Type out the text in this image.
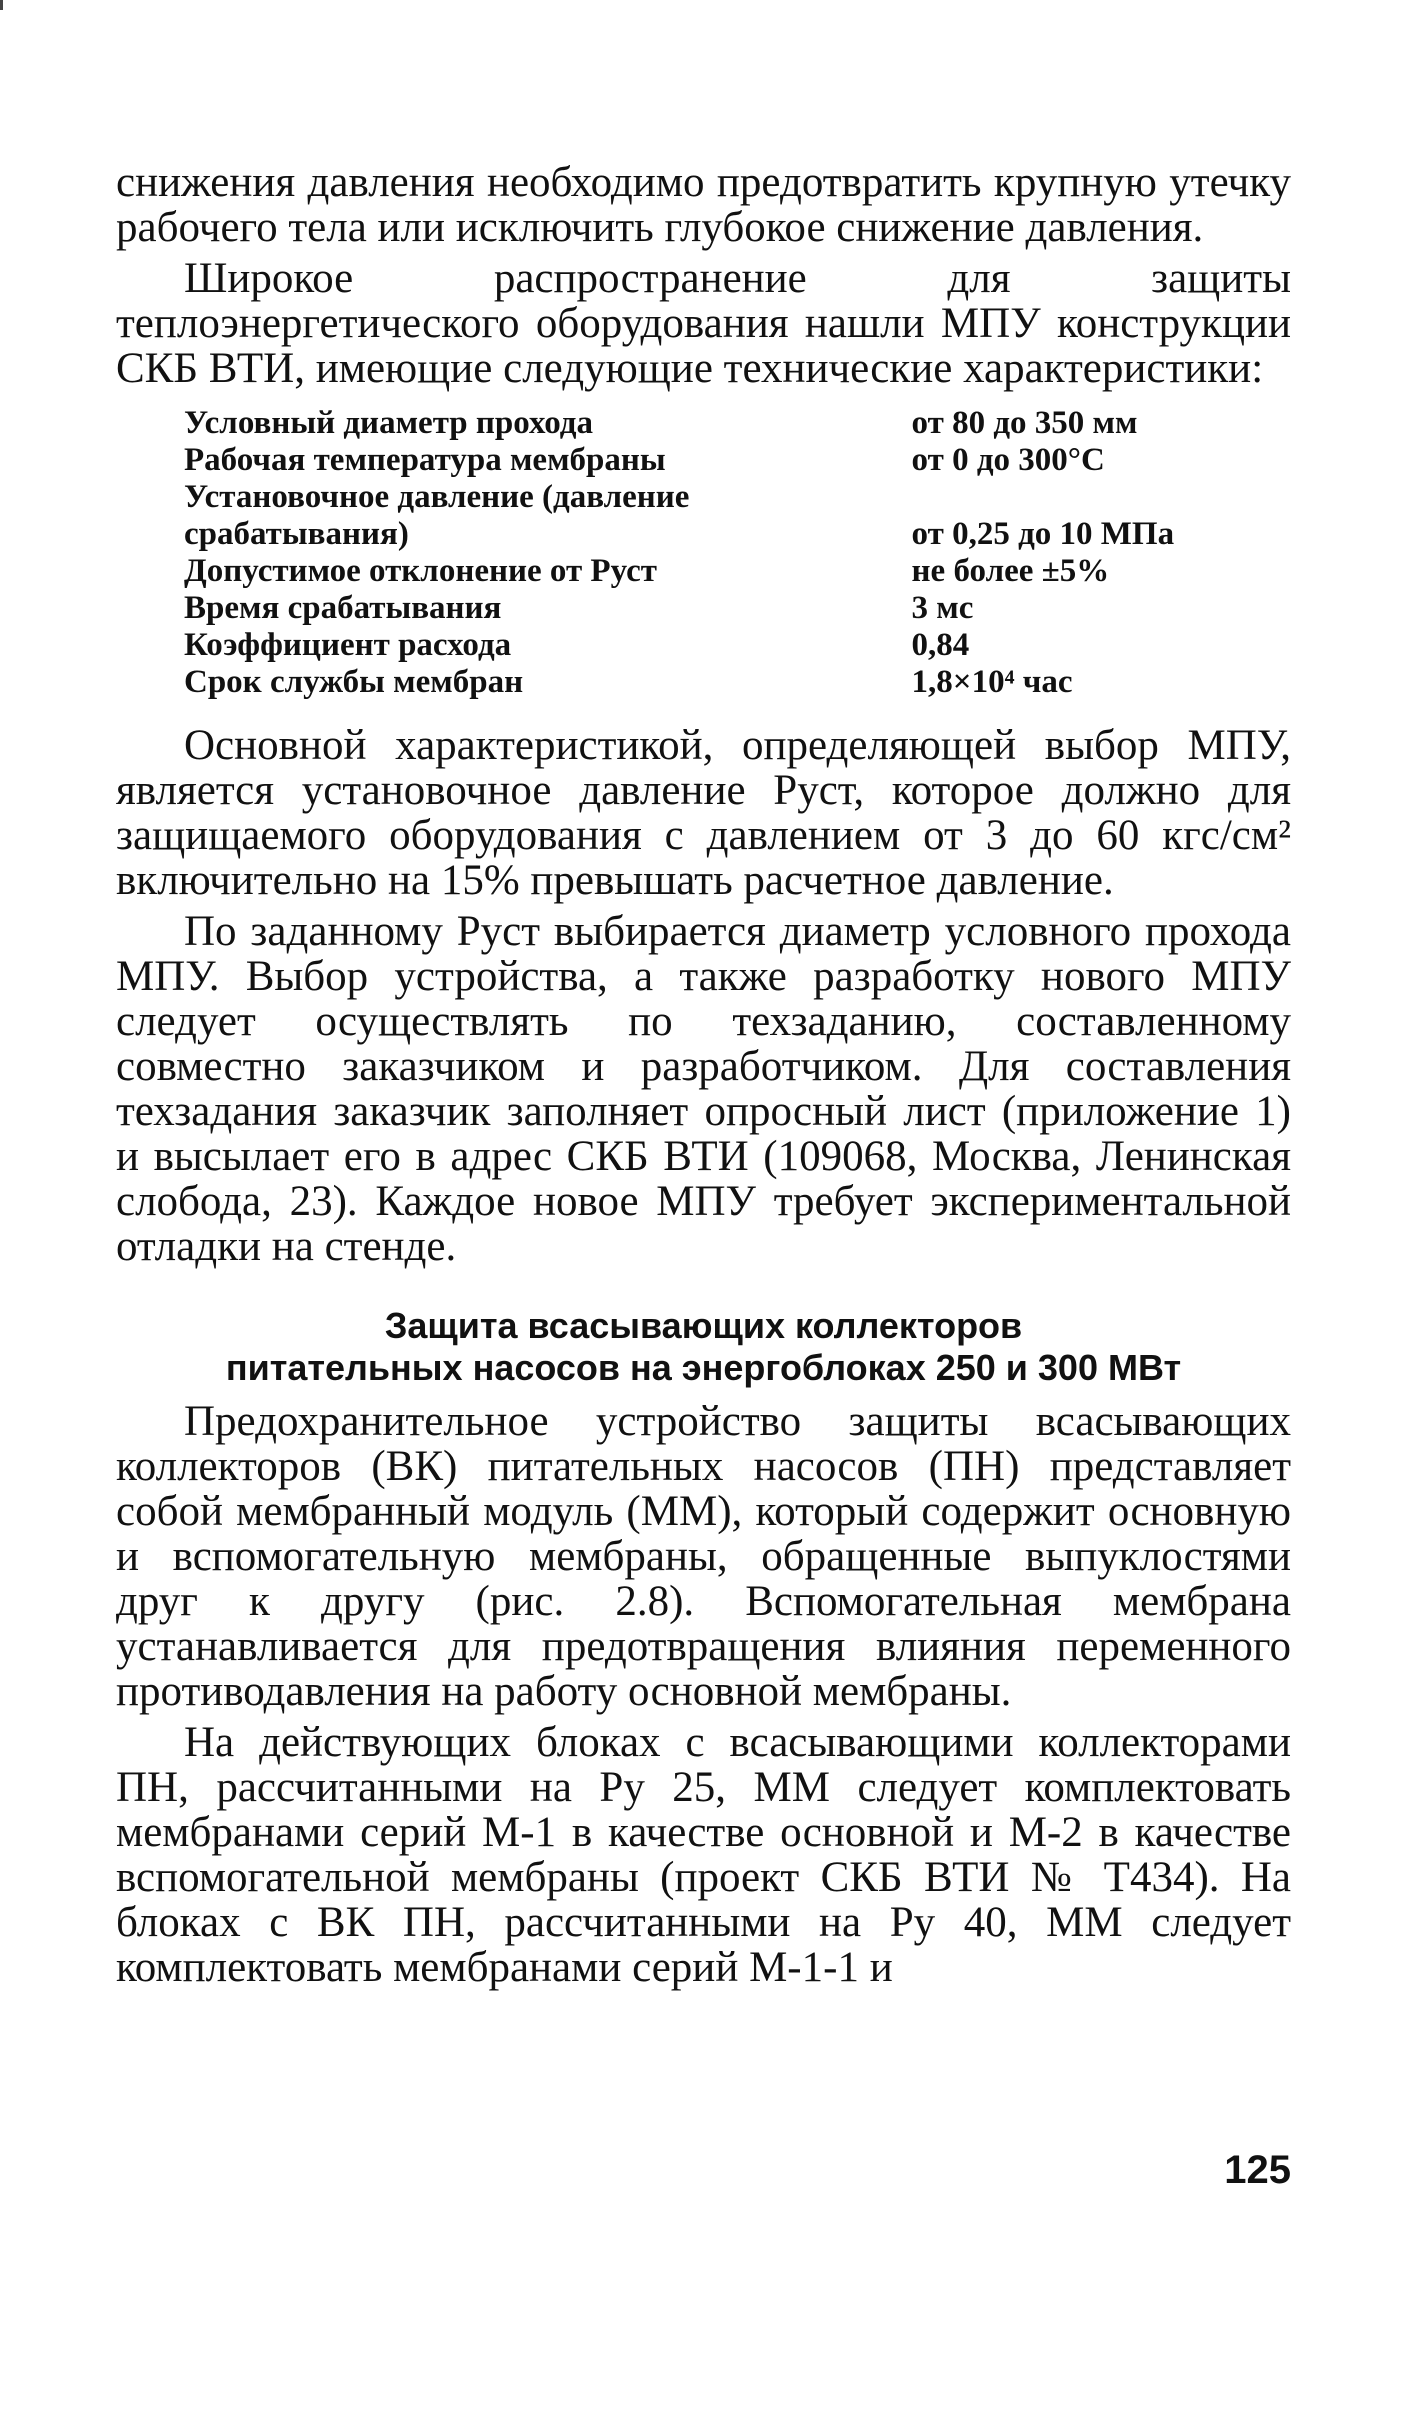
снижения давления необходимо предотвратить крупную утечку рабочего тела или исключить глубокое снижение давления.

Широкое распространение для защиты теплоэнергетического оборудования нашли МПУ конструкции СКБ ВТИ, имеющие следующие технические характеристики:

Условный диаметр прохода	от 80 до 350 мм
Рабочая температура мембраны	от 0 до 300°C
Установочное давление (давление срабатывания)	от 0,25 до 10 МПа
Допустимое отклонение от Pуст	не более ±5%
Время срабатывания	3 мс
Коэффициент расхода	0,84
Срок службы мембран	1,8×10⁴ час

Основной характеристикой, определяющей выбор МПУ, является установочное давление Pуст, которое должно для защищаемого оборудования с давлением от 3 до 60 кгс/см² включительно на 15% превышать расчетное давление.

По заданному Pуст выбирается диаметр условного прохода МПУ. Выбор устройства, а также разработку нового МПУ следует осуществлять по техзаданию, составленному совместно заказчиком и разработчиком. Для составления техзадания заказчик заполняет опросный лист (приложение 1) и высылает его в адрес СКБ ВТИ (109068, Москва, Ленинская слобода, 23). Каждое новое МПУ требует экспериментальной отладки на стенде.

Защита всасывающих коллекторов
питательных насосов на энергоблоках 250 и 300 МВт

Предохранительное устройство защиты всасывающих коллекторов (ВК) питательных насосов (ПН) представляет собой мембранный модуль (ММ), который содержит основную и вспомогательную мембраны, обращенные выпуклостями друг к другу (рис. 2.8). Вспомогательная мембрана устанавливается для предотвращения влияния переменного противодавления на работу основной мембраны.

На действующих блоках с всасывающими коллекторами ПН, рассчитанными на Pу 25, ММ следует комплектовать мембранами серий М-1 в качестве основной и М-2 в качестве вспомогательной мембраны (проект СКБ ВТИ № Т434). На блоках с ВК ПН, рассчитанными на Pу 40, ММ следует комплектовать мембранами серий М-1-1 и

125
